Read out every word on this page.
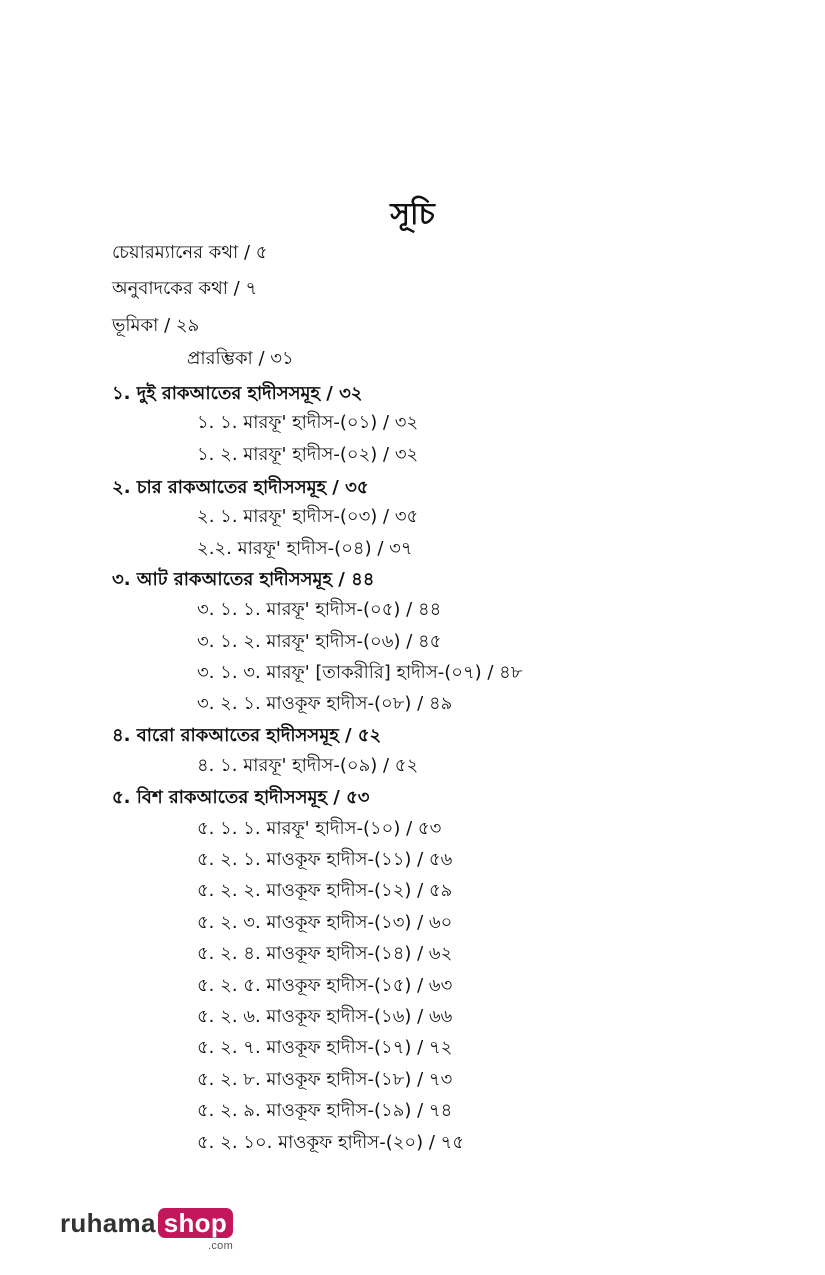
সূচি
চেয়ারম্যানের কথা / ৫
অনুবাদকের কথা / ৭
ভূমিকা / ২৯
প্রারম্ভিকা / ৩১
১. দুই রাকআতের হাদীসসমূহ / ৩২
১. ১. মারফূ' হাদীস-(০১) / ৩২
১. ২. মারফূ' হাদীস-(০২) / ৩২
২. চার রাকআতের হাদীসসমূহ / ৩৫
২. ১. মারফূ' হাদীস-(০৩) / ৩৫
২.২. মারফূ' হাদীস-(০৪) / ৩৭
৩. আট রাকআতের হাদীসসমূহ / ৪৪
৩. ১. ১. মারফূ' হাদীস-(০৫) / ৪৪
৩. ১. ২. মারফূ' হাদীস-(০৬) / ৪৫
৩. ১. ৩. মারফূ' [তাকরীরি] হাদীস-(০৭) / ৪৮
৩. ২. ১. মাওকূফ হাদীস-(০৮) / ৪৯
৪. বারো রাকআতের হাদীসসমূহ / ৫২
৪. ১. মারফূ' হাদীস-(০৯) / ৫২
৫. বিশ রাকআতের হাদীসসমূহ / ৫৩
৫. ১. ১. মারফূ' হাদীস-(১০) / ৫৩
৫. ২. ১. মাওকূফ হাদীস-(১১) / ৫৬
৫. ২. ২. মাওকূফ হাদীস-(১২) / ৫৯
৫. ২. ৩. মাওকূফ হাদীস-(১৩) / ৬০
৫. ২. ৪. মাওকূফ হাদীস-(১৪) / ৬২
৫. ২. ৫. মাওকূফ হাদীস-(১৫) / ৬৩
৫. ২. ৬. মাওকূফ হাদীস-(১৬) / ৬৬
৫. ২. ৭. মাওকূফ হাদীস-(১৭) / ৭২
৫. ২. ৮. মাওকূফ হাদীস-(১৮) / ৭৩
৫. ২. ৯. মাওকূফ হাদীস-(১৯) / ৭৪
৫. ২. ১০. মাওকূফ হাদীস-(২০) / ৭৫
ruhama shop
.com
